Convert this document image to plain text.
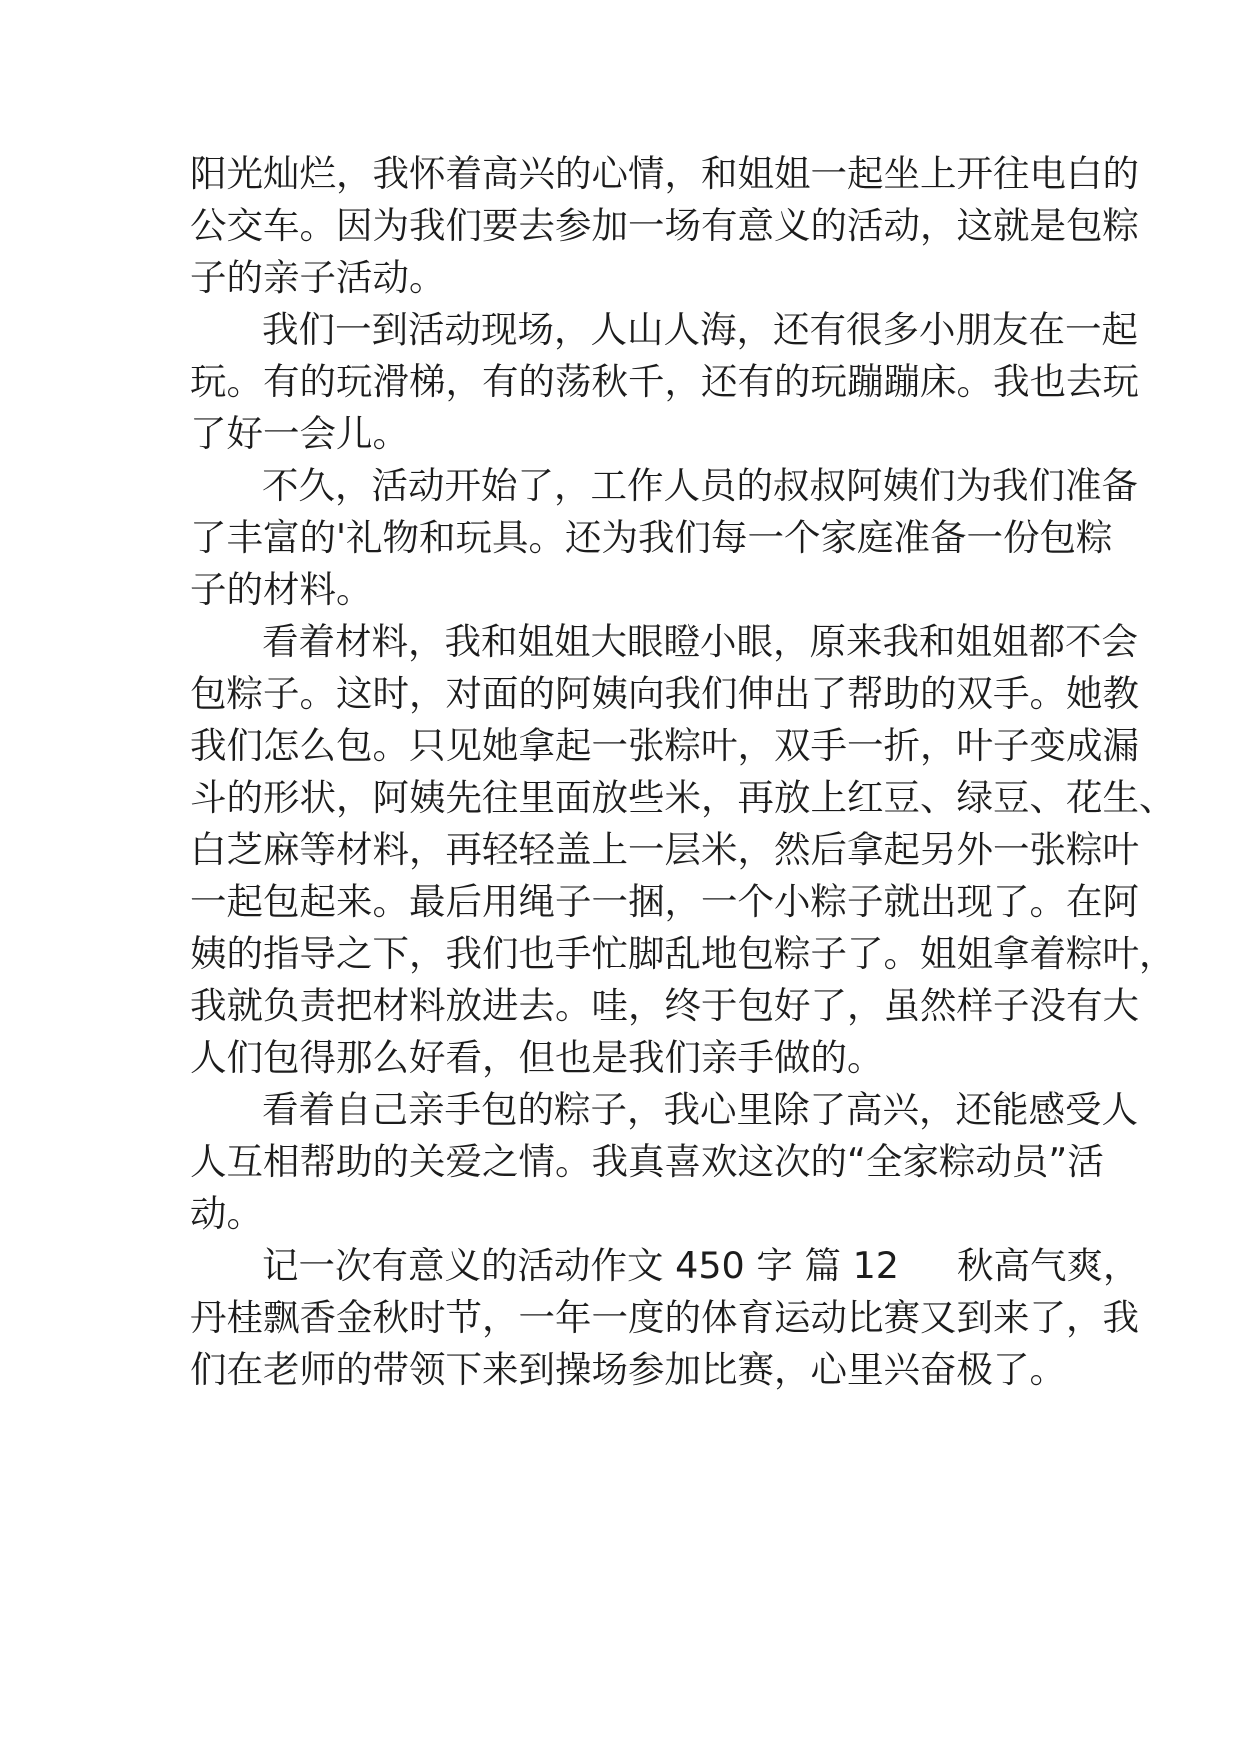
阳光灿烂，我怀着高兴的心情，和姐姐一起坐上开往电白的
公交车。因为我们要去参加一场有意义的活动，这就是包粽
子的亲子活动。
我们一到活动现场，人山人海，还有很多小朋友在一起
玩。有的玩滑梯，有的荡秋千，还有的玩蹦蹦床。我也去玩
了好一会儿。
不久，活动开始了，工作人员的叔叔阿姨们为我们准备
了丰富的'礼物和玩具。还为我们每一个家庭准备一份包粽
子的材料。
看着材料，我和姐姐大眼瞪小眼，原来我和姐姐都不会
包粽子。这时，对面的阿姨向我们伸出了帮助的双手。她教
我们怎么包。只见她拿起一张粽叶，双手一折，叶子变成漏
斗的形状，阿姨先往里面放些米，再放上红豆、绿豆、花生、
白芝麻等材料，再轻轻盖上一层米，然后拿起另外一张粽叶
一起包起来。最后用绳子一捆，一个小粽子就出现了。在阿
姨的指导之下，我们也手忙脚乱地包粽子了。姐姐拿着粽叶，
我就负责把材料放进去。哇，终于包好了，虽然样子没有大
人们包得那么好看，但也是我们亲手做的。
看着自己亲手包的粽子，我心里除了高兴，还能感受人
人互相帮助的关爱之情。我真喜欢这次的“全家粽动员”活
动。
记一次有意义的活动作文 450 字 篇 12 秋高气爽，
丹桂飘香金秋时节，一年一度的体育运动比赛又到来了，我
们在老师的带领下来到操场参加比赛，心里兴奋极了。
